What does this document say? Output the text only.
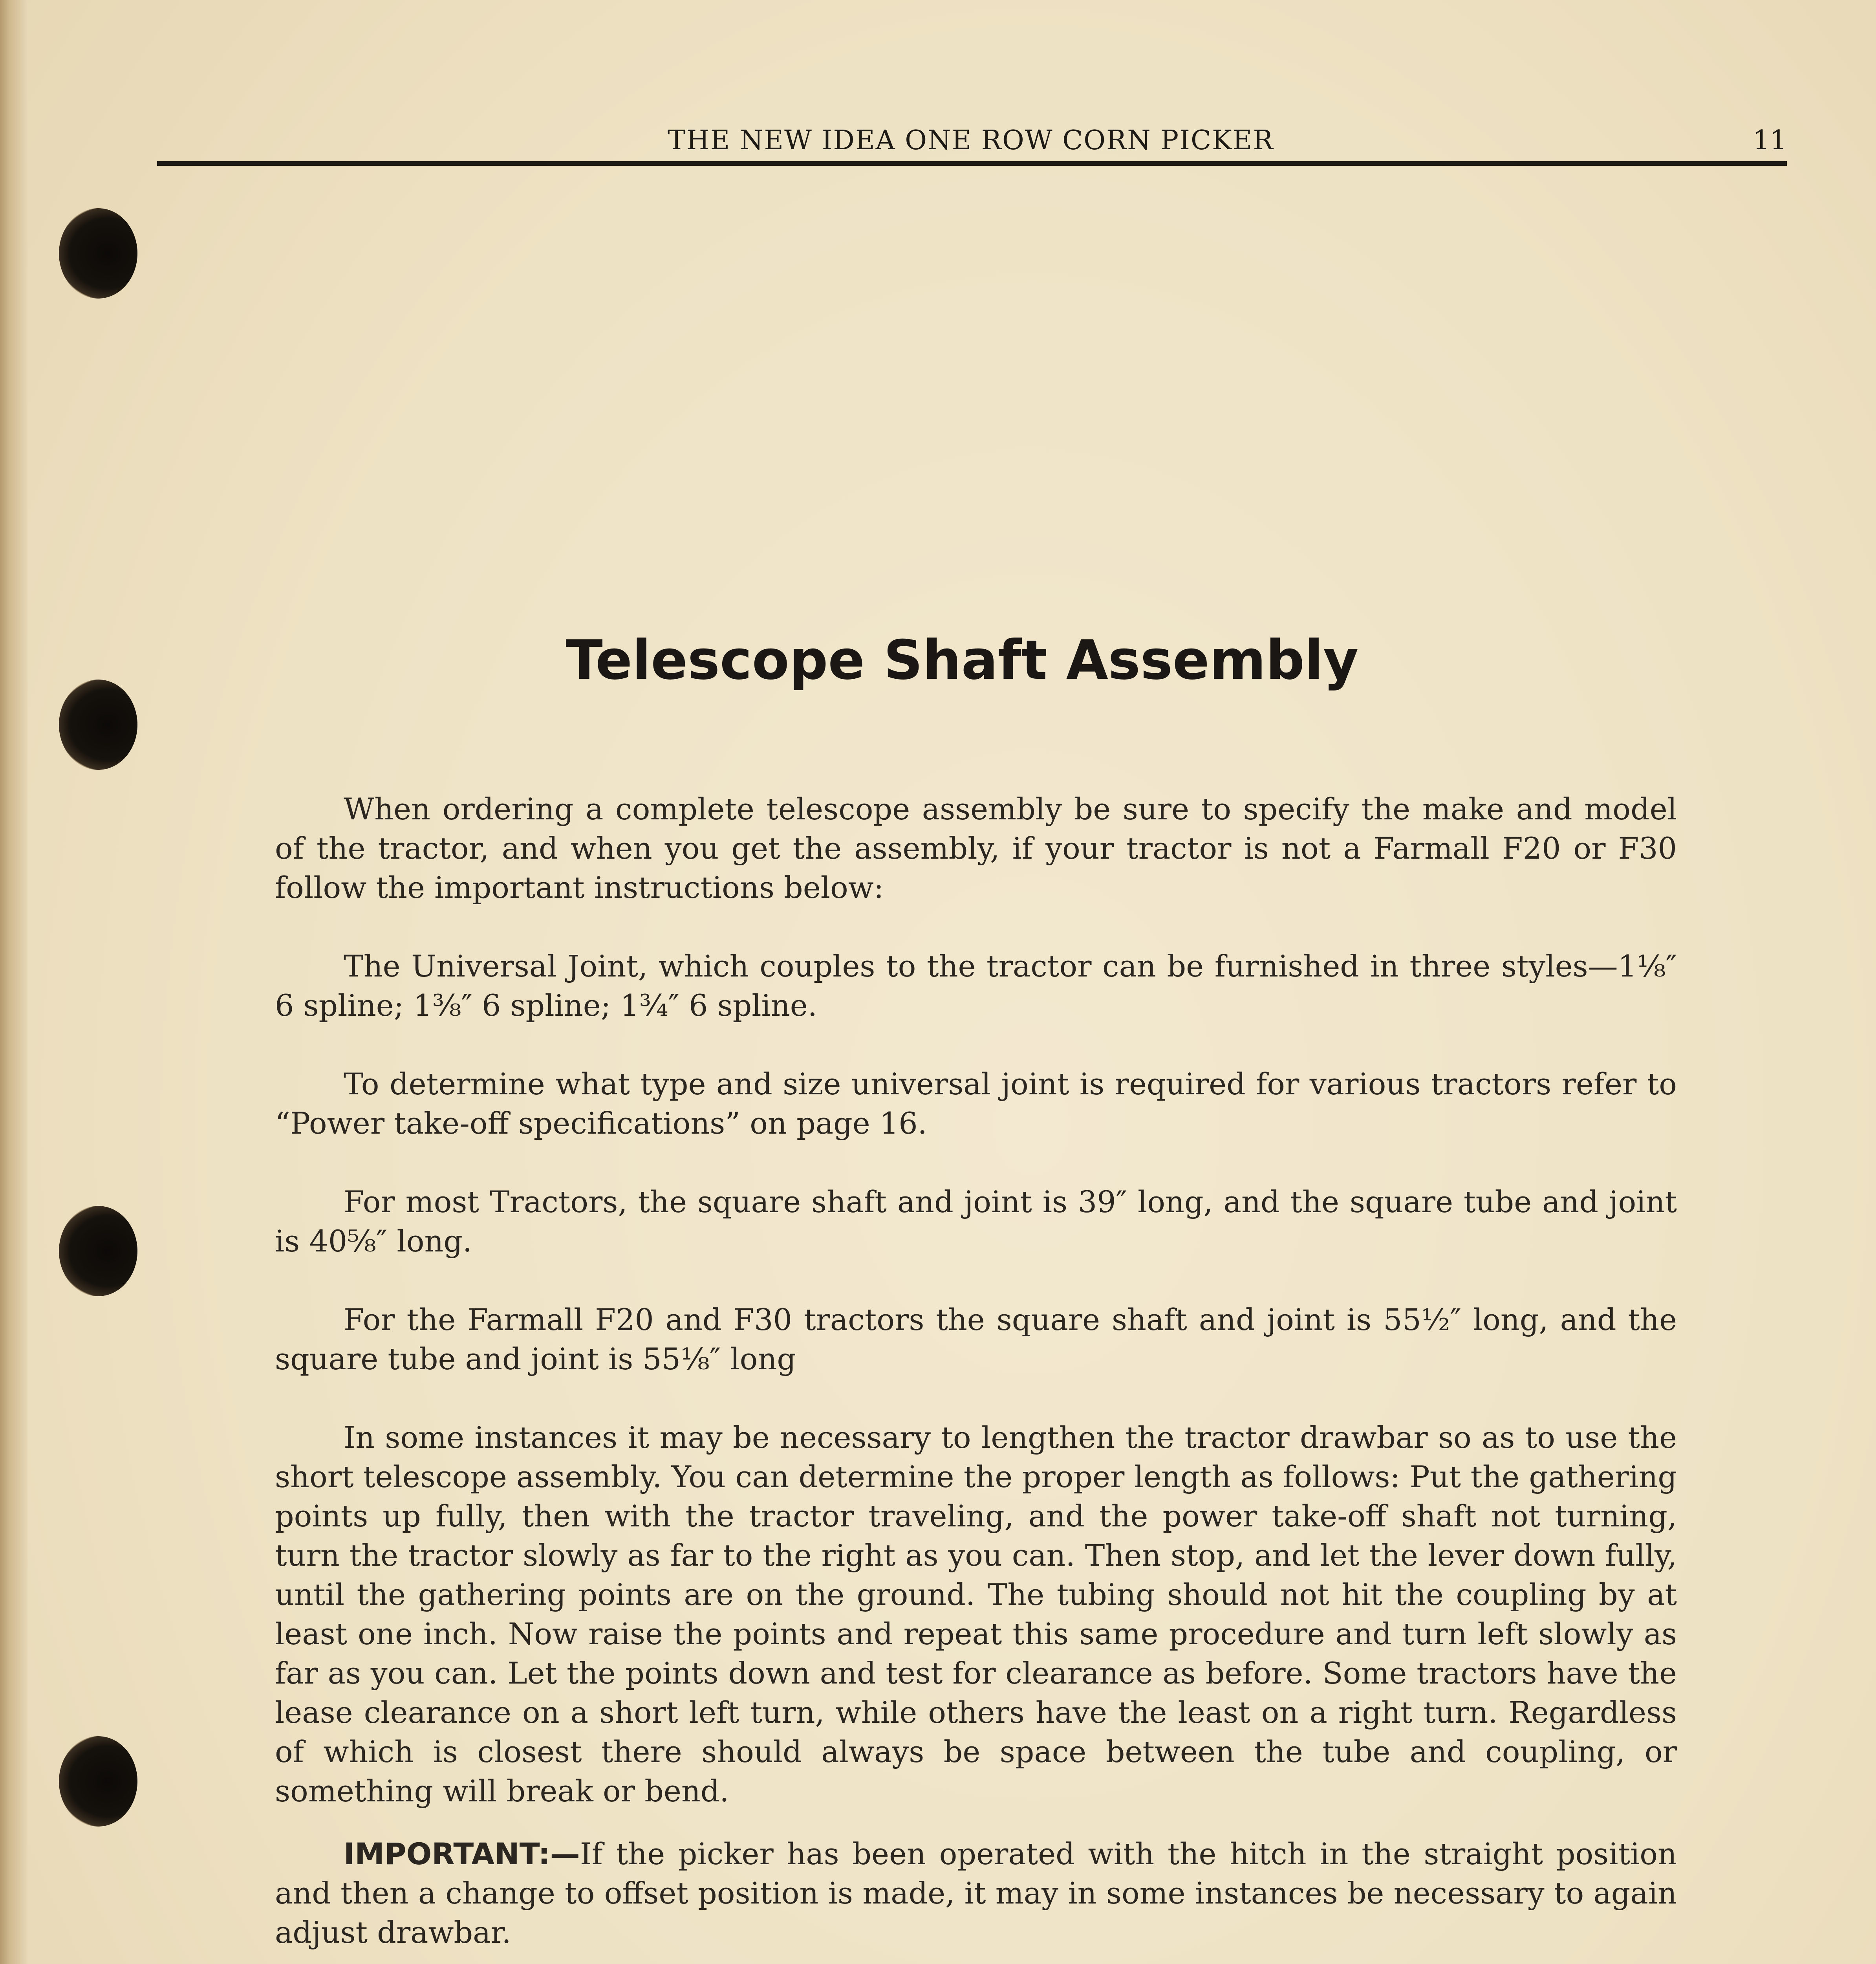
THE NEW IDEA ONE ROW CORN PICKER	11
Telescope Shaft Assembly

When ordering a complete telescope assembly be sure to specify the make and model of the tractor, and when you get the assembly, if your tractor is not a Farmall F20 or F30 follow the important instructions below:

The Universal Joint, which couples to the tractor can be furnished in three styles—1⅛″ 6 spline; 1⅜″ 6 spline; 1¾″ 6 spline.

To determine what type and size universal joint is required for various tractors refer to “Power take-off specifications” on page 16.

For most Tractors, the square shaft and joint is 39″ long, and the square tube and joint is 40⅝″ long.

For the Farmall F20 and F30 tractors the square shaft and joint is 55½″ long, and the square tube and joint is 55⅛″ long

In some instances it may be necessary to lengthen the tractor drawbar so as to use the short telescope assembly. You can determine the proper length as follows: Put the gathering points up fully, then with the tractor traveling, and the power take-off shaft not turning, turn the tractor slowly as far to the right as you can. Then stop, and let the lever down fully, until the gathering points are on the ground. The tubing should not hit the coupling by at least one inch. Now raise the points and repeat this same procedure and turn left slowly as far as you can. Let the points down and test for clearance as before. Some tractors have the lease clearance on a short left turn, while others have the least on a right turn. Regardless of which is closest there should always be space between the tube and coupling, or something will break or bend.

IMPORTANT:—If the picker has been operated with the hitch in the straight position and then a change to offset position is made, it may in some instances be necessary to again adjust drawbar.
